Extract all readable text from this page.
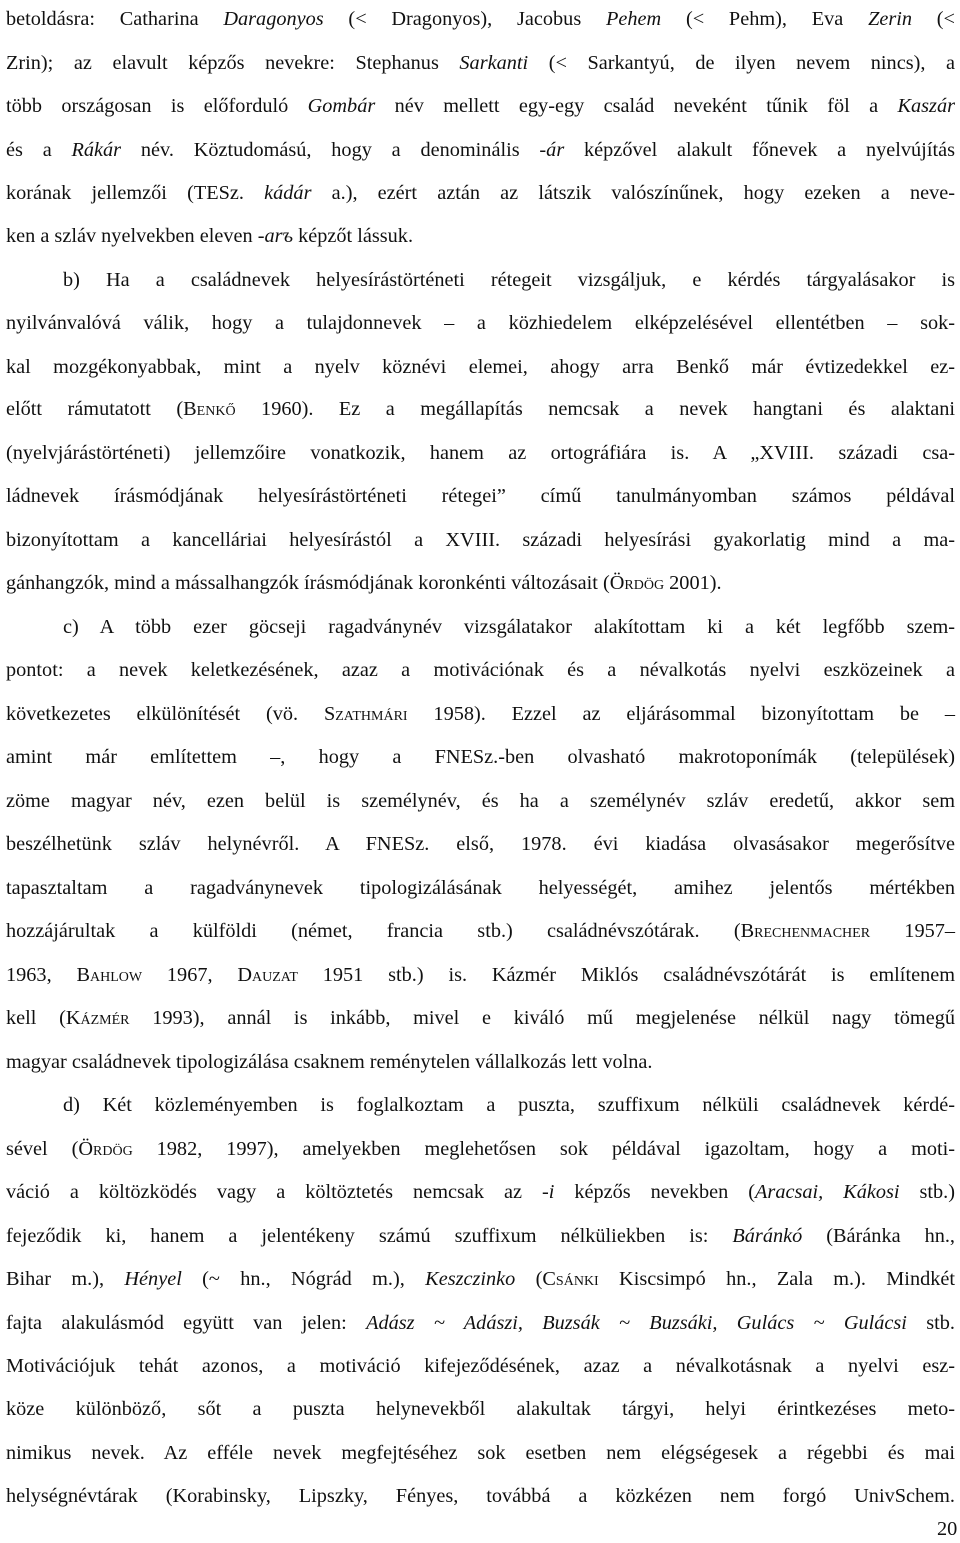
betoldásra: Catharina Daragonyos (< Dragonyos), Jacobus Pehem (< Pehm), Eva Zerin (<
Zrin); az elavult képzős nevekre: Stephanus Sarkanti (< Sarkantyú, de ilyen nevem nincs), a
több országosan is előforduló Gombár név mellett egy-egy család neveként tűnik föl a Kaszár
és a Rákár név. Köztudomású, hogy a denominális -ár képzővel alakult főnevek a nyelvújítás
korának jellemzői (TESz. kádár a.), ezért aztán az látszik valószínűnek, hogy ezeken a neve-
ken a szláv nyelvekben eleven -arъ képzőt lássuk.
b) Ha a családnevek helyesírástörténeti rétegeit vizsgáljuk, e kérdés tárgyalásakor is
nyilvánvalóvá válik, hogy a tulajdonnevek – a közhiedelem elképzelésével ellentétben – sok-
kal mozgékonyabbak, mint a nyelv köznévi elemei, ahogy arra Benkő már évtizedekkel ez-
előtt rámutatott (Benkő 1960). Ez a megállapítás nemcsak a nevek hangtani és alaktani
(nyelvjárástörténeti) jellemzőire vonatkozik, hanem az ortográfiára is. A „XVIII. századi csa-
ládnevek írásmódjának helyesírástörténeti rétegei” című tanulmányomban számos példával
bizonyítottam a kancelláriai helyesírástól a XVIII. századi helyesírási gyakorlatig mind a ma-
gánhangzók, mind a mássalhangzók írásmódjának koronkénti változásait (Ördög 2001).
c) A több ezer göcseji ragadványnév vizsgálatakor alakítottam ki a két legfőbb szem-
pontot: a nevek keletkezésének, azaz a motivációnak és a névalkotás nyelvi eszközeinek a
következetes elkülönítését (vö. Szathmári 1958). Ezzel az eljárásommal bizonyítottam be –
amint már említettem –, hogy a FNESz.-ben olvasható makrotoponímák (települések)
zöme magyar név, ezen belül is személynév, és ha a személynév szláv eredetű, akkor sem
beszélhetünk szláv helynévről. A FNESz. első, 1978. évi kiadása olvasásakor megerősítve
tapasztaltam a ragadványnevek tipologizálásának helyességét, amihez jelentős mértékben
hozzájárultak a külföldi (német, francia stb.) családnévszótárak. (Brechenmacher 1957–
1963, Bahlow 1967, Dauzat 1951 stb.) is. Kázmér Miklós családnévszótárát is említenem
kell (Kázmér 1993), annál is inkább, mivel e kiváló mű megjelenése nélkül nagy tömegű
magyar családnevek tipologizálása csaknem reménytelen vállalkozás lett volna.
d) Két közleményemben is foglalkoztam a puszta, szuffixum nélküli családnevek kérdé-
sével (Ördög 1982, 1997), amelyekben meglehetősen sok példával igazoltam, hogy a moti-
váció a költözködés vagy a költöztetés nemcsak az -i képzős nevekben (Aracsai, Kákosi stb.)
fejeződik ki, hanem a jelentékeny számú szuffixum nélküliekben is: Báránkó (Báránka hn.,
Bihar m.), Hényel (~ hn., Nógrád m.), Keszczinko (Csánki Kiscsimpó hn., Zala m.). Mindkét
fajta alakulásmód együtt van jelen: Adász ~ Adászi, Buzsák ~ Buzsáki, Gulács ~ Gulácsi stb.
Motivációjuk tehát azonos, a motiváció kifejeződésének, azaz a névalkotásnak a nyelvi esz-
köze különböző, sőt a puszta helynevekből alakultak tárgyi, helyi érintkezéses meto-
nimikus nevek. Az efféle nevek megfejtéséhez sok esetben nem elégségesek a régebbi és mai
helységnévtárak (Korabinsky, Lipszky, Fényes, továbbá a közkézen nem forgó UnivSchem.
20
